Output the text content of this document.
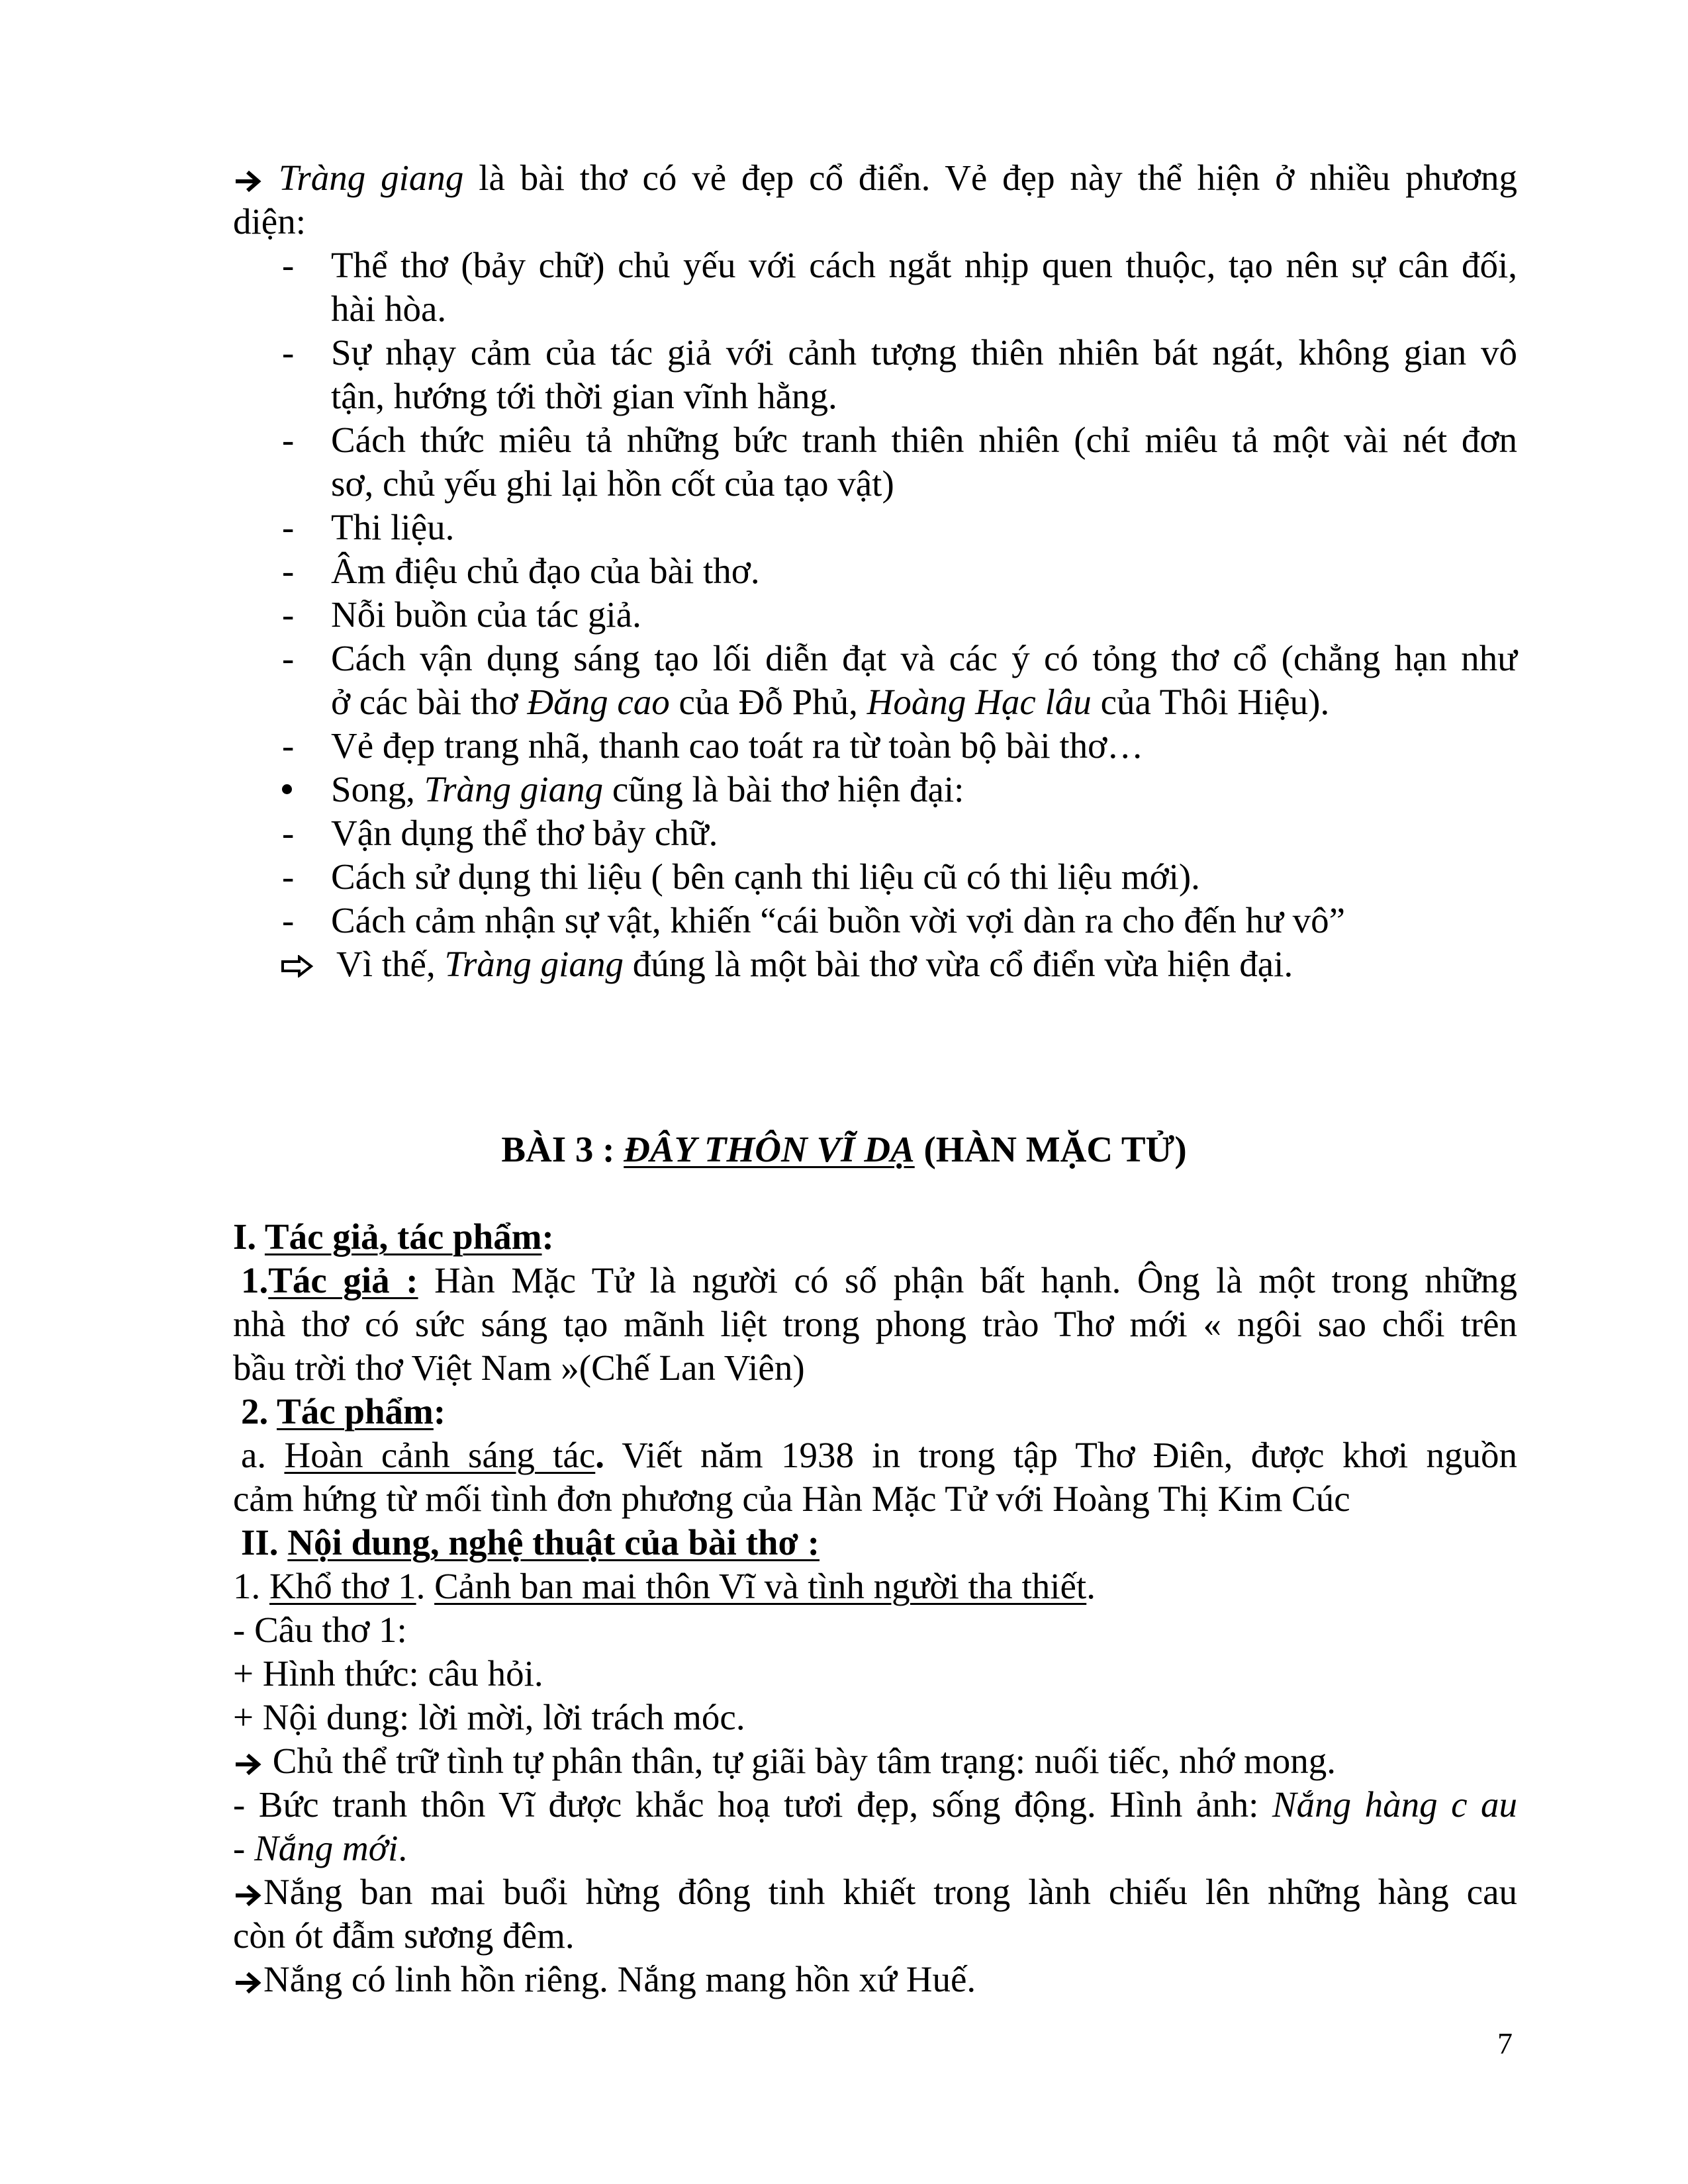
Tràng giang là bài thơ có vẻ đẹp cổ điển. Vẻ đẹp này thể hiện ở nhiều phương
diện:
- Thể thơ (bảy chữ) chủ yếu với cách ngắt nhịp quen thuộc, tạo nên sự cân đối,
hài hòa.
- Sự nhạy cảm của tác giả với cảnh tượng thiên nhiên bát ngát, không gian vô
tận, hướng tới thời gian vĩnh hằng.
- Cách thức miêu tả những bức tranh thiên nhiên (chỉ miêu tả một vài nét đơn
sơ, chủ yếu ghi lại hồn cốt của tạo vật)
- Thi liệu.
- Âm điệu chủ đạo của bài thơ.
- Nỗi buồn của tác giả.
- Cách vận dụng sáng tạo lối diễn đạt và các ý có tỏng thơ cổ (chẳng hạn như
ở các bài thơ Đăng cao của Đỗ Phủ, Hoàng Hạc lâu của Thôi Hiệu).
- Vẻ đẹp trang nhã, thanh cao toát ra từ toàn bộ bài thơ…
Song, Tràng giang cũng là bài thơ hiện đại:
- Vận dụng thể thơ bảy chữ.
- Cách sử dụng thi liệu ( bên cạnh thi liệu cũ có thi liệu mới).
- Cách cảm nhận sự vật, khiến “cái buồn vời vợi dàn ra cho đến hư vô”
Vì thế, Tràng giang đúng là một bài thơ vừa cổ điển vừa hiện đại.
BÀI 3 : ĐÂY THÔN VĨ DẠ (HÀN MẶC TỬ)
I. Tác giả, tác phẩm:
1.Tác giả : Hàn Mặc Tử là người có số phận bất hạnh. Ông là một trong những
nhà thơ có sức sáng tạo mãnh liệt trong phong trào Thơ mới « ngôi sao chổi trên
bầu trời thơ Việt Nam »(Chế Lan Viên)
2. Tác phẩm:
a. Hoàn cảnh sáng tác. Viết năm 1938 in trong tập Thơ Điên, được khơi nguồn
cảm hứng từ mối tình đơn phương của Hàn Mặc Tử với Hoàng Thị Kim Cúc
II. Nội dung, nghệ thuật của bài thơ :
1. Khổ thơ 1. Cảnh ban mai thôn Vĩ và tình người tha thiết.
- Câu thơ 1:
+ Hình thức: câu hỏi.
+ Nội dung: lời mời, lời trách móc.
Chủ thể trữ tình tự phân thân, tự giãi bày tâm trạng: nuối tiếc, nhớ mong.
- Bức tranh thôn Vĩ được khắc hoạ tươi đẹp, sống động. Hình ảnh: Nắng hàng c au
- Nắng mới.
Nắng ban mai buổi hừng đông tinh khiết trong lành chiếu lên những hàng cau
còn ót đẫm sương đêm.
Nắng có linh hồn riêng. Nắng mang hồn xứ Huế.
7
